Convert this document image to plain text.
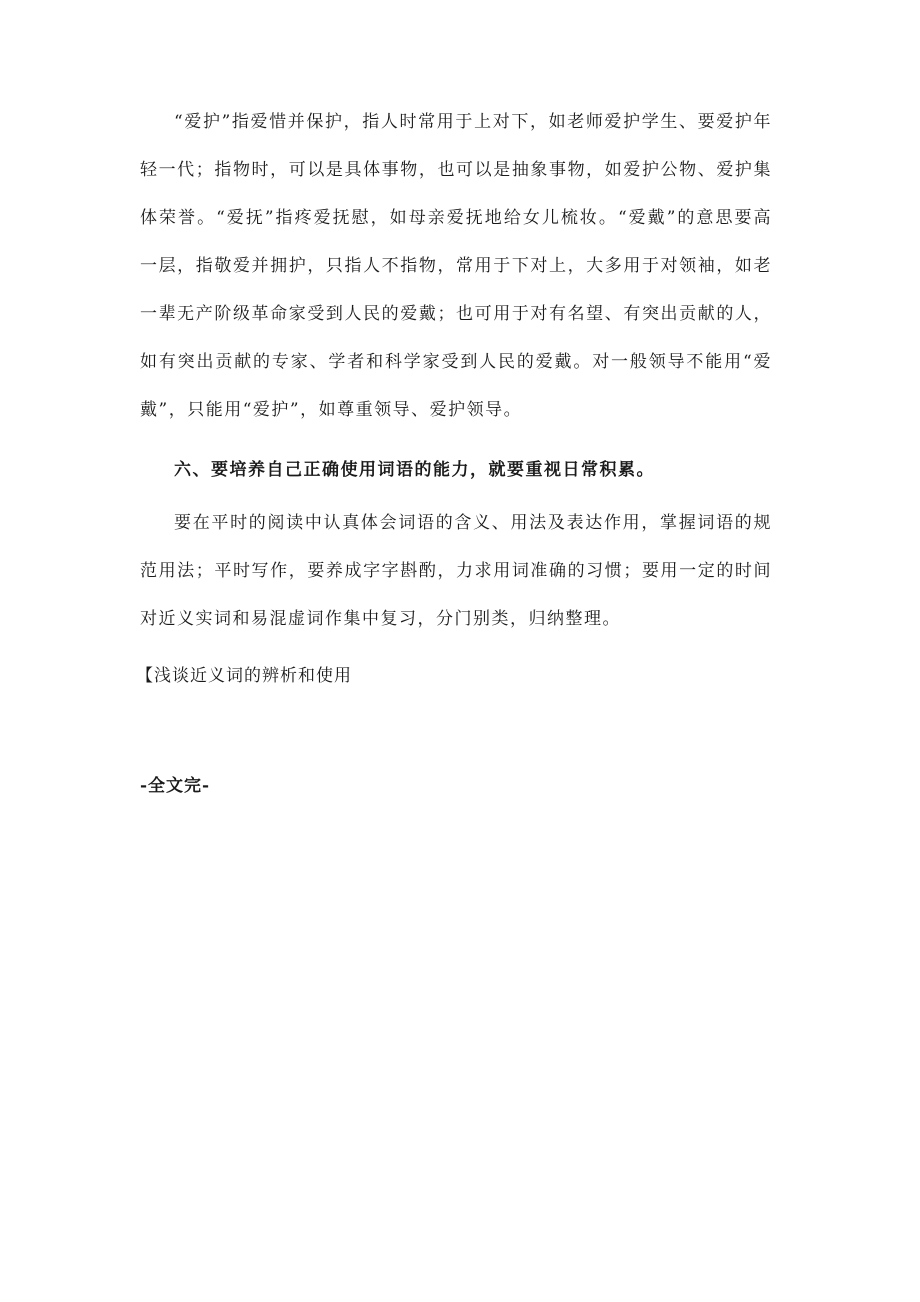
“爱护”指爱惜并保护，指人时常用于上对下，如老师爱护学生、要爱护年轻一代；指物时，可以是具体事物，也可以是抽象事物，如爱护公物、爱护集体荣誉。“爱抚”指疼爱抚慰，如母亲爱抚地给女儿梳妆。“爱戴”的意思要高一层，指敬爱并拥护，只指人不指物，常用于下对上，大多用于对领袖，如老一辈无产阶级革命家受到人民的爱戴；也可用于对有名望、有突出贡献的人，如有突出贡献的专家、学者和科学家受到人民的爱戴。对一般领导不能用“爱戴”，只能用“爱护”，如尊重领导、爱护领导。

六、要培养自己正确使用词语的能力，就要重视日常积累。

要在平时的阅读中认真体会词语的含义、用法及表达作用，掌握词语的规范用法；平时写作，要养成字字斟酌，力求用词准确的习惯；要用一定的时间对近义实词和易混虚词作集中复习，分门别类，归纳整理。

【浅谈近义词的辨析和使用

-全文完-
